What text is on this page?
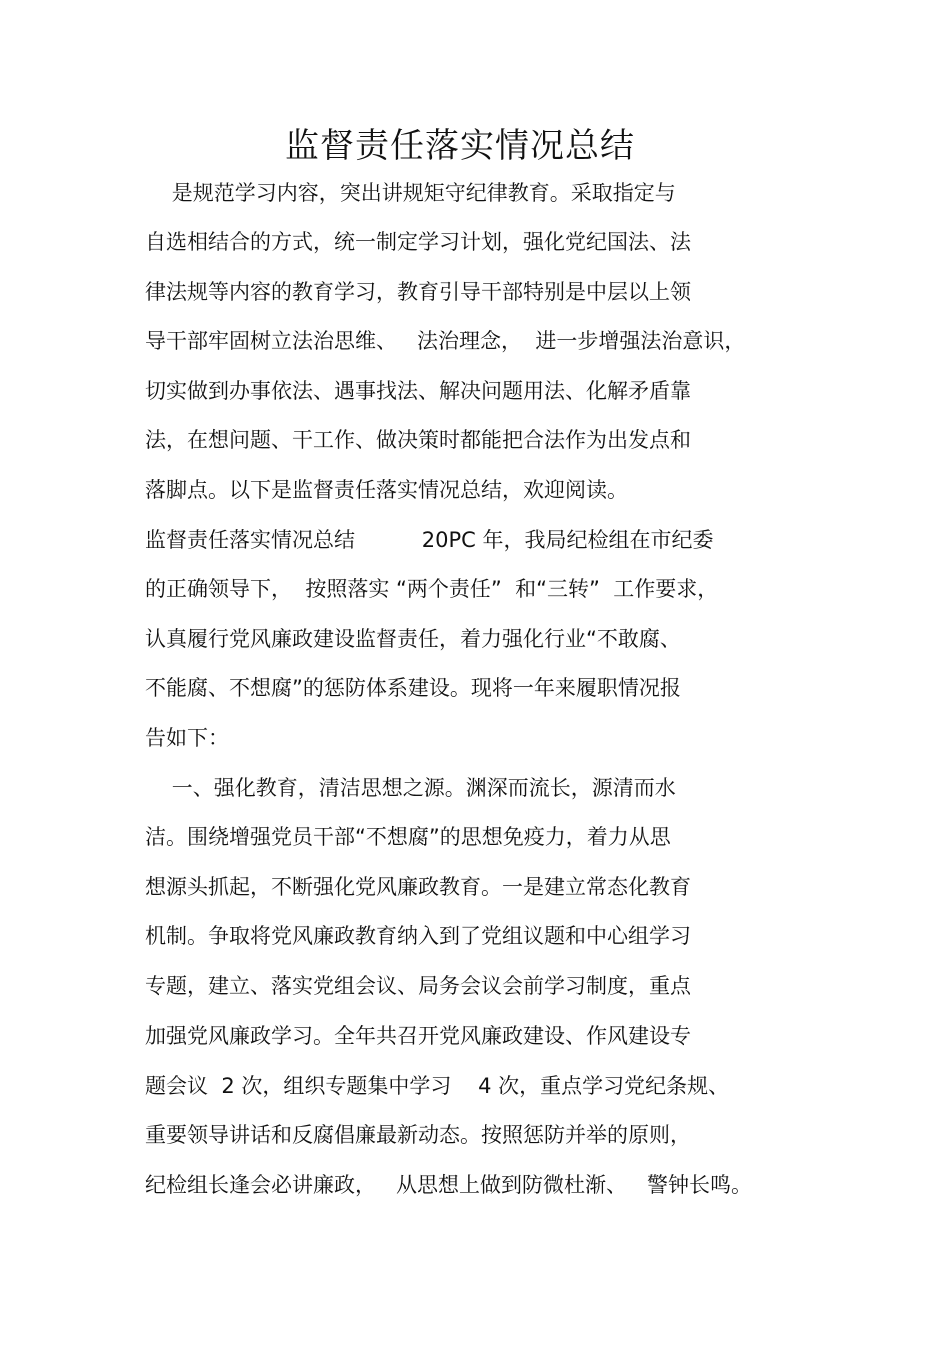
监督责任落实情况总结

是规范学习内容，突出讲规矩守纪律教育。采取指定与

自选相结合的方式，统一制定学习计划，强化党纪国法、法

律法规等内容的教育学习，教育引导干部特别是中层以上领

导干部牢固树立法治思维、   法治理念，  进一步增强法治意识，

切实做到办事依法、遇事找法、解决问题用法、化解矛盾靠

法，在想问题、干工作、做决策时都能把合法作为出发点和

落脚点。以下是监督责任落实情况总结，欢迎阅读。

监督责任落实情况总结          20PC 年，我局纪检组在市纪委

的正确领导下，  按照落实 “两个责任”  和“三转”  工作要求，

认真履行党风廉政建设监督责任，着力强化行业“不敢腐、

不能腐、不想腐”的惩防体系建设。现将一年来履职情况报

告如下：

一、强化教育，清洁思想之源。渊深而流长，源清而水

洁。围绕增强党员干部“不想腐”的思想免疫力，着力从思

想源头抓起，不断强化党风廉政教育。一是建立常态化教育

机制。争取将党风廉政教育纳入到了党组议题和中心组学习

专题，建立、落实党组会议、局务会议会前学习制度，重点

加强党风廉政学习。全年共召开党风廉政建设、作风建设专

题会议  2 次，组织专题集中学习    4 次，重点学习党纪条规、

重要领导讲话和反腐倡廉最新动态。按照惩防并举的原则，

纪检组长逢会必讲廉政，   从思想上做到防微杜渐、   警钟长鸣。
